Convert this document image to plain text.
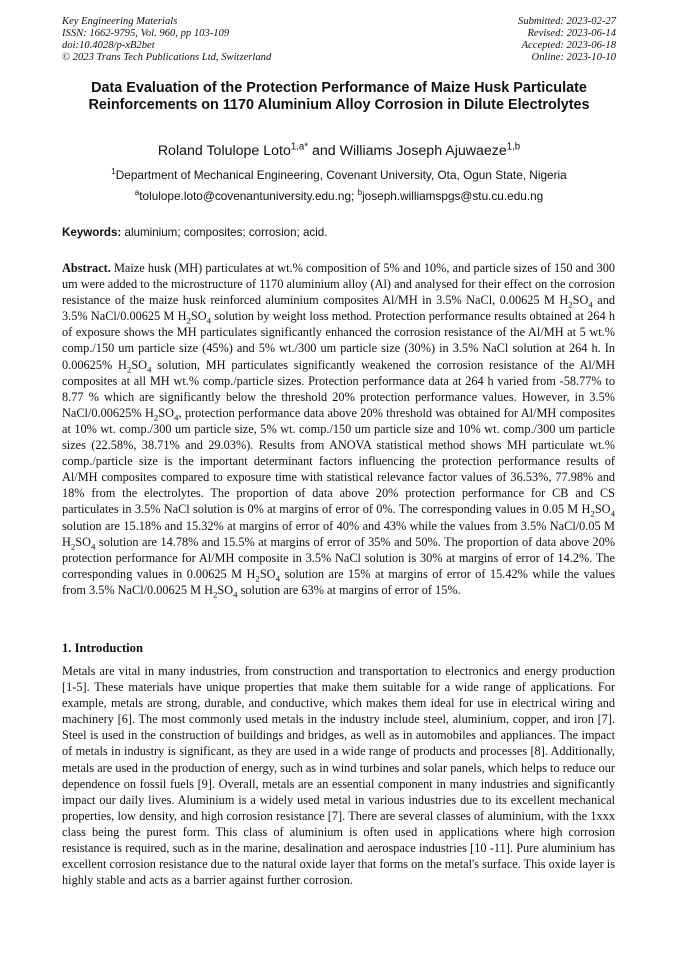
Key Engineering Materials
ISSN: 1662-9795, Vol. 960, pp 103-109
doi:10.4028/p-xB2bet
© 2023 Trans Tech Publications Ltd, Switzerland
Submitted: 2023-02-27
Revised: 2023-06-14
Accepted: 2023-06-18
Online: 2023-10-10
Data Evaluation of the Protection Performance of Maize Husk Particulate Reinforcements on 1170 Aluminium Alloy Corrosion in Dilute Electrolytes
Roland Tolulope Loto$^{1,a*}$ and Williams Joseph Ajuwaeze$^{1,b}$
$^1$Department of Mechanical Engineering, Covenant University, Ota, Ogun State, Nigeria
$^a$tolulope.loto@covenantuniversity.edu.ng; $^b$joseph.williamspgs@stu.cu.edu.ng
Keywords: aluminium; composites; corrosion; acid.
Abstract. Maize husk (MH) particulates at wt.% composition of 5% and 10%, and particle sizes of 150 and 300 um were added to the microstructure of 1170 aluminium alloy (Al) and analysed for their effect on the corrosion resistance of the maize husk reinforced aluminium composites Al/MH in 3.5% NaCl, 0.00625 M $H_2SO_4$ and 3.5% NaCl/0.00625 M $H_2SO_4$ solution by weight loss method. Protection performance results obtained at 264 h of exposure shows the MH particulates significantly enhanced the corrosion resistance of the Al/MH at 5 wt.% comp./150 um particle size (45%) and 5% wt./300 um particle size (30%) in 3.5% NaCl solution at 264 h. In 0.00625% $H_2SO_4$ solution, MH particulates significantly weakened the corrosion resistance of the Al/MH composites at all MH wt.% comp./particle sizes. Protection performance data at 264 h varied from -58.77% to 8.77 % which are significantly below the threshold 20% protection performance values. However, in 3.5% NaCl/0.00625% $H_2SO_4$, protection performance data above 20% threshold was obtained for Al/MH composites at 10% wt. comp./300 um particle size, 5% wt. comp./150 um particle size and 10% wt. comp./300 um particle sizes (22.58%, 38.71% and 29.03%). Results from ANOVA statistical method shows MH particulate wt.% comp./particle size is the important determinant factors influencing the protection performance results of Al/MH composites compared to exposure time with statistical relevance factor values of 36.53%, 77.98% and 18% from the electrolytes. The proportion of data above 20% protection performance for CB and CS particulates in 3.5% NaCl solution is 0% at margins of error of 0%. The corresponding values in 0.05 M $H_2SO_4$ solution are 15.18% and 15.32% at margins of error of 40% and 43% while the values from 3.5% NaCl/0.05 M $H_2SO_4$ solution are 14.78% and 15.5% at margins of error of 35% and 50%. The proportion of data above 20% protection performance for Al/MH composite in 3.5% NaCl solution is 30% at margins of error of 14.2%. The corresponding values in 0.00625 M $H_2SO_4$ solution are 15% at margins of error of 15.42% while the values from 3.5% NaCl/0.00625 M $H_2SO_4$ solution are 63% at margins of error of 15%.
1. Introduction
Metals are vital in many industries, from construction and transportation to electronics and energy production [1-5]. These materials have unique properties that make them suitable for a wide range of applications. For example, metals are strong, durable, and conductive, which makes them ideal for use in electrical wiring and machinery [6]. The most commonly used metals in the industry include steel, aluminium, copper, and iron [7]. Steel is used in the construction of buildings and bridges, as well as in automobiles and appliances. The impact of metals in industry is significant, as they are used in a wide range of products and processes [8]. Additionally, metals are used in the production of energy, such as in wind turbines and solar panels, which helps to reduce our dependence on fossil fuels [9]. Overall, metals are an essential component in many industries and significantly impact our daily lives. Aluminium is a widely used metal in various industries due to its excellent mechanical properties, low density, and high corrosion resistance [7]. There are several classes of aluminium, with the 1xxx class being the purest form. This class of aluminium is often used in applications where high corrosion resistance is required, such as in the marine, desalination and aerospace industries [10 -11]. Pure aluminium has excellent corrosion resistance due to the natural oxide layer that forms on the metal's surface. This oxide layer is highly stable and acts as a barrier against further corrosion.
